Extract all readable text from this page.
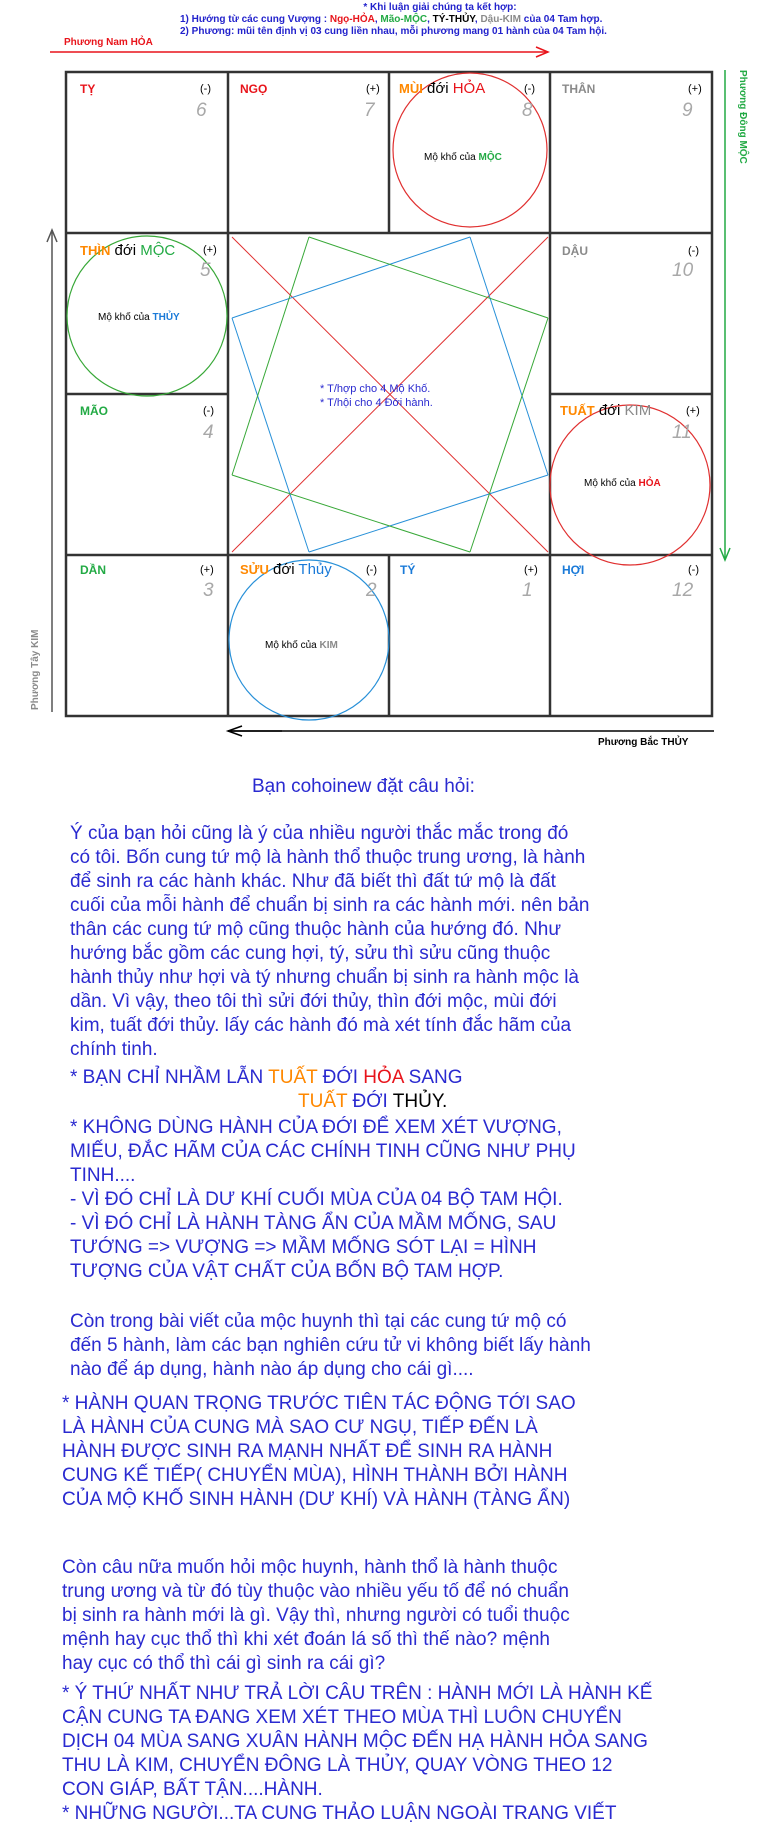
* Khi luận giải chúng ta kết hợp:
1) Hướng từ các cung Vượng : Ngọ-HỎA, Mão-MỘC, TÝ-THỦY, Dậu-KIM của 04 Tam hợp.
2) Phương: mũi tên định vị 03 cung liền nhau, mỗi phương mang 01 hành của 04 Tam hội.
Phương Nam HỎA
Phương Đông MỘC
Phương Tây KIM
Phương Bắc THỦY
TỴ	(-)
6
NGỌ	(+)
7
MÙI đới HỎA	(-)
8
THÂN	(+)
9
THÌN đới MỘC	(+)
5
DẬU	(-)
10
MÃO	(-)
4
TUẤT đới KIM	(+)
11
DẦN	(+)
3
SỬU đới Thủy	(-)
2
TÝ	(+)
1
HỢI	(-)
12
Mộ khố của MỘC
Mộ khố của THỦY
Mộ khố của HỎA
Mộ khố của KIM
* T/hợp cho 4 Mộ Khố.
* T/hội cho 4 Đới hành.
Bạn cohoinew đặt câu hỏi:

Ý của bạn hỏi cũng là ý của nhiều người thắc mắc trong đó

có tôi. Bốn cung tứ mộ là hành thổ thuộc trung ương, là hành

để sinh ra các hành khác. Như đã biết thì đất tứ mộ là đất

cuối của mỗi hành để chuẩn bị sinh ra các hành mới. nên bản

thân các cung tứ mộ cũng thuộc hành của hướng đó. Như

hướng bắc gồm các cung hợi, tý, sửu thì sửu cũng thuộc

hành thủy như hợi và tý nhưng chuẩn bị sinh ra hành mộc là

dần. Vì vậy, theo tôi thì sửi đới thủy, thìn đới mộc, mùi đới

kim, tuất đới thủy. lấy các hành đó mà xét tính đắc hãm của

chính tinh.

* BẠN CHỈ NHẦM LẪN TUẤT ĐỚI HỎA SANG

TUẤT ĐỚI THỦY.

* KHÔNG DÙNG HÀNH CỦA ĐỚI ĐỂ XEM XÉT VƯỢNG,

MIẾU, ĐẮC HÃM CỦA CÁC CHÍNH TINH CŨNG NHƯ PHỤ

TINH....

- VÌ ĐÓ CHỈ LÀ DƯ KHÍ CUỐI MÙA CỦA 04 BỘ TAM HỘI.

- VÌ ĐÓ CHỈ LÀ HÀNH TÀNG ẨN CỦA MẦM MỐNG, SAU

TƯỚNG => VƯỢNG => MẦM MỐNG SÓT LẠI = HÌNH

TƯỢNG CỦA VẬT CHẤT CỦA BỐN BỘ TAM HỢP.

Còn trong bài viết của mộc huynh thì tại các cung tứ mộ có

đến 5 hành, làm các bạn nghiên cứu tử vi không biết lấy hành

nào để áp dụng, hành nào áp dụng cho cái gì....

* HÀNH QUAN TRỌNG TRƯỚC TIÊN TÁC ĐỘNG TỚI SAO

LÀ HÀNH CỦA CUNG MÀ SAO CƯ NGỤ, TIẾP ĐẾN LÀ

HÀNH ĐƯỢC SINH RA MẠNH NHẤT ĐỂ SINH RA HÀNH

CUNG KẾ TIẾP( CHUYỂN MÙA), HÌNH THÀNH BỞI HÀNH

CỦA MỘ KHỐ SINH HÀNH (DƯ KHÍ) VÀ HÀNH (TÀNG ẨN)

Còn câu nữa muốn hỏi mộc huynh, hành thổ là hành thuộc

trung ương và từ đó tùy thuộc vào nhiều yếu tố để nó chuẩn

bị sinh ra hành mới là gì. Vậy thì, nhưng người có tuổi thuộc

mệnh hay cục thổ thì khi xét đoán lá số thì thế nào? mệnh

hay cục có thổ thì cái gì sinh ra cái gì?

* Ý THỨ NHẤT NHƯ TRẢ LỜI CÂU TRÊN : HÀNH MỚI LÀ HÀNH KẾ

CẬN CUNG TA ĐANG XEM XÉT THEO MÙA THÌ LUÔN CHUYỂN

DỊCH 04 MÙA SANG XUÂN HÀNH MỘC ĐẾN HẠ HÀNH HỎA SANG

THU LÀ KIM, CHUYỂN ĐÔNG LÀ THỦY, QUAY VÒNG THEO 12

CON GIÁP, BẤT TẬN....HÀNH.

* NHỮNG NGƯỜI...TA CUNG THẢO LUẬN NGOÀI TRANG VIẾT
